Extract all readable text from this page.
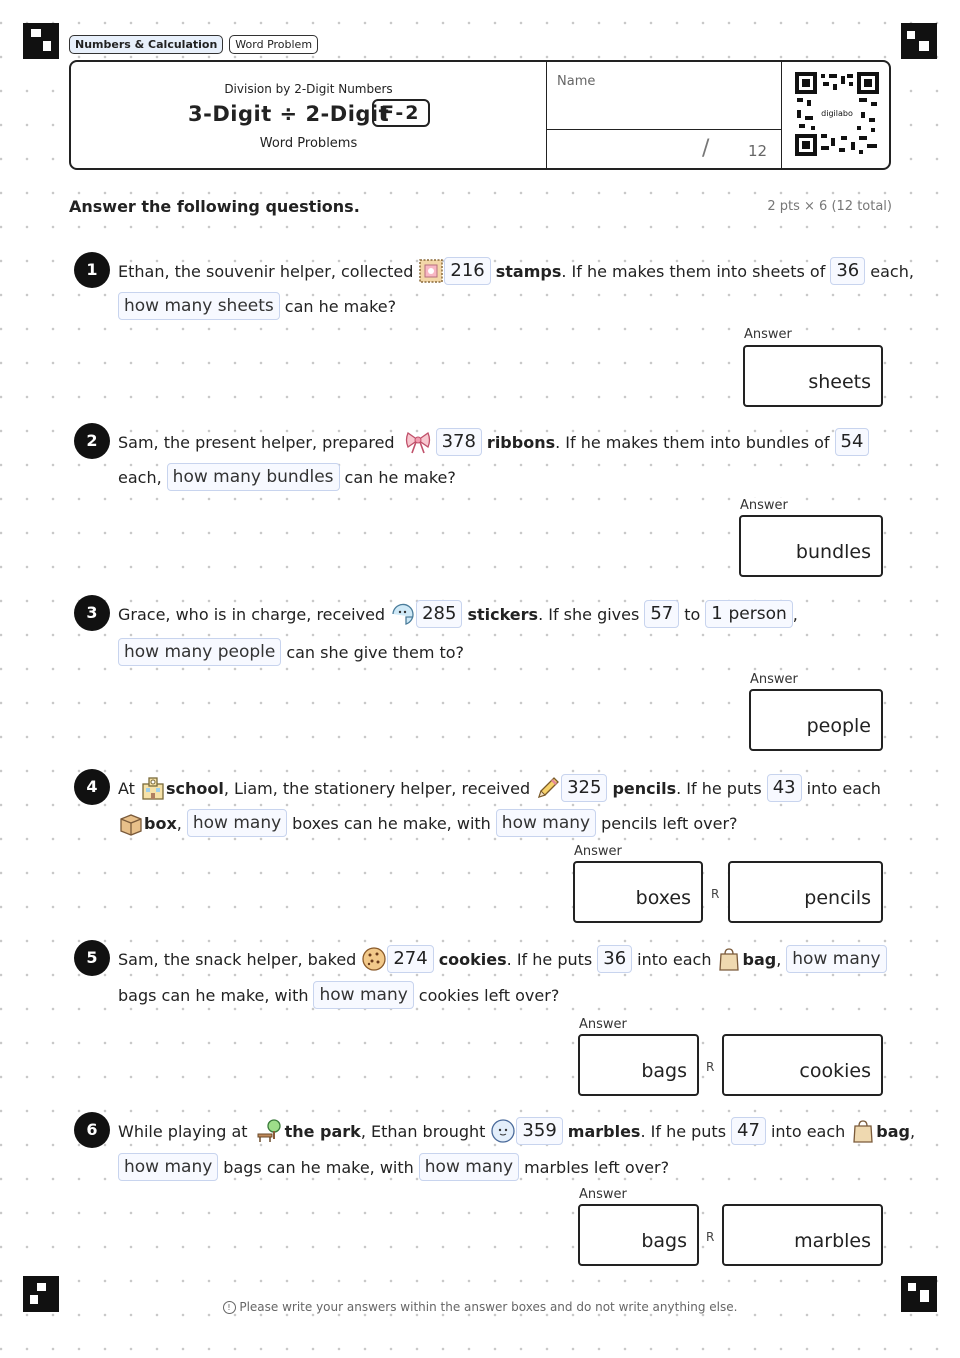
Numbers & Calculation	Word Problem
Division by 2-Digit Numbers
3-Digit ÷ 2-Digit
F-2
Word Problems
Name
/	12
digilabo
Answer the following questions.	2 pts × 6 (12 total)
1	Ethan, the souvenir helper, collected	216 stamps . If he makes them into sheets of 36 each,
how many sheets can he make?
Answer
sheets
2	Sam, the present helper, prepared	378 ribbons . If he makes them into bundles of 54
each, how many bundles can he make?
Answer
bundles
3	Grace, who is in charge, received	285 stickers . If she gives 57 to 1 person ,
how many people can she give them to?
Answer
people
4	At school , Liam, the stationery helper, received	325 pencils . If he puts 43 into each
box , how many boxes can he make, with how many pencils left over?
Answer
boxes R	pencils
5	Sam, the snack helper, baked	274 cookies . If he puts 36 into each bag , how many
bags can he make, with how many cookies left over?
Answer
bags R	cookies
6	While playing at the park , Ethan brought	359 marbles . If he puts 47 into each bag ,
how many bags can he make, with how many marbles left over?
Answer
bags R	marbles
! Please write your answers within the answer boxes and do not write anything else.
